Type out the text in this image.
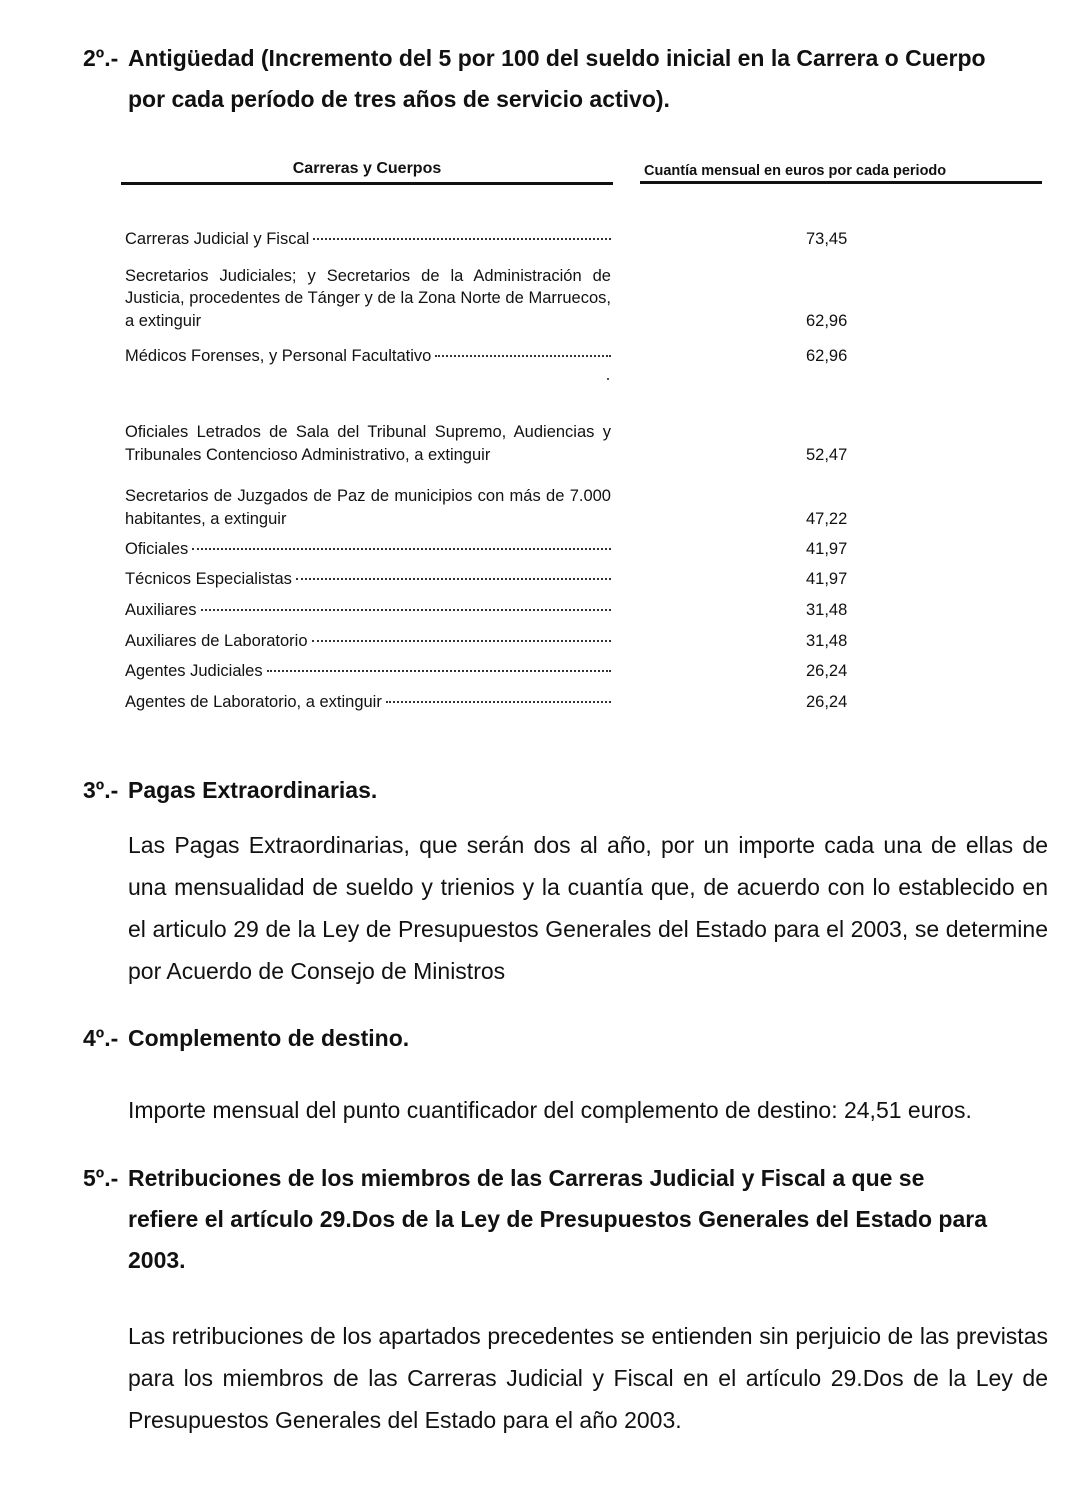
2º.- Antigüedad (Incremento del 5 por 100 del sueldo inicial en la Carrera o Cuerpo
por cada período de tres años de servicio activo).
Carreras y Cuerpos	Cuantía mensual en euros por cada periodo
Carreras Judicial y Fiscal	73,45
Secretarios Judiciales; y Secretarios de la Administración de Justicia, procedentes de Tánger y de la Zona Norte de Marruecos, a extinguir	62,96
Médicos Forenses, y Personal Facultativo	62,96
Oficiales Letrados de Sala del Tribunal Supremo, Audiencias y Tribunales Contencioso Administrativo, a extinguir	52,47
Secretarios de Juzgados de Paz de municipios con más de 7.000 habitantes, a extinguir	47,22
Oficiales	41,97
Técnicos Especialistas	41,97
Auxiliares	31,48
Auxiliares de Laboratorio	31,48
Agentes Judiciales	26,24
Agentes de Laboratorio, a extinguir	26,24
3º.- Pagas Extraordinarias.
Las Pagas Extraordinarias, que serán dos al año, por un importe cada una de ellas de una mensualidad de sueldo y trienios y la cuantía que, de acuerdo con lo establecido en el articulo 29 de la Ley de Presupuestos Generales del Estado para el 2003, se determine por Acuerdo de Consejo de Ministros
4º.- Complemento de destino.
Importe mensual del punto cuantificador del complemento de destino: 24,51 euros.
5º.- Retribuciones de los miembros de las Carreras Judicial y Fiscal a que se
refiere el artículo 29.Dos de la Ley de Presupuestos Generales del Estado para
2003.
Las retribuciones de los apartados precedentes se entienden sin perjuicio de las previstas para los miembros de las Carreras Judicial y Fiscal en el artículo 29.Dos de la Ley de Presupuestos Generales del Estado para el año 2003.
